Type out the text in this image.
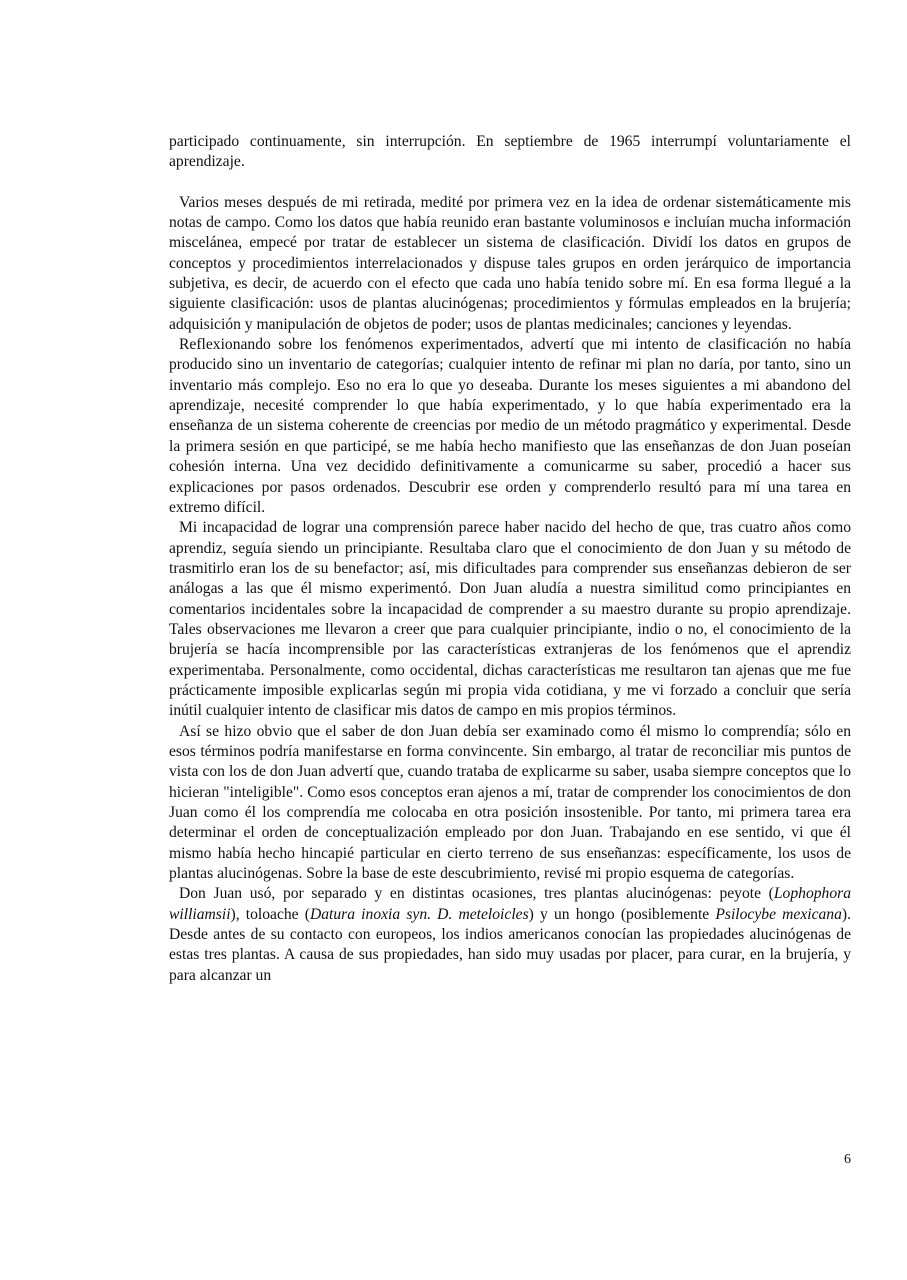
participado continuamente, sin interrupción. En septiembre de 1965 interrumpí voluntariamente el aprendizaje.

Varios meses después de mi retirada, medité por primera vez en la idea de ordenar sistemáticamente mis notas de campo. Como los datos que había reunido eran bastante voluminosos e incluían mucha información miscelánea, empecé por tratar de establecer un sistema de clasificación. Dividí los datos en grupos de conceptos y procedimientos interrelacionados y dispuse tales grupos en orden jerárquico de importancia subjetiva, es decir, de acuerdo con el efecto que cada uno había tenido sobre mí. En esa forma llegué a la siguiente clasificación: usos de plantas alucinógenas; procedimientos y fórmulas empleados en la brujería; adquisición y manipulación de objetos de poder; usos de plantas medicinales; canciones y leyendas.

Reflexionando sobre los fenómenos experimentados, advertí que mi intento de clasificación no había producido sino un inventario de categorías; cualquier intento de refinar mi plan no daría, por tanto, sino un inventario más complejo. Eso no era lo que yo deseaba. Durante los meses siguientes a mi abandono del aprendizaje, necesité comprender lo que había experimentado, y lo que había experimentado era la enseñanza de un sistema coherente de creencias por medio de un método pragmático y experimental. Desde la primera sesión en que participé, se me había hecho manifiesto que las enseñanzas de don Juan poseían cohesión interna. Una vez decidido definitivamente a comunicarme su saber, procedió a hacer sus explicaciones por pasos ordenados. Descubrir ese orden y comprenderlo resultó para mí una tarea en extremo difícil.

Mi incapacidad de lograr una comprensión parece haber nacido del hecho de que, tras cuatro años como aprendiz, seguía siendo un principiante. Resultaba claro que el conocimiento de don Juan y su método de trasmitirlo eran los de su benefactor; así, mis dificultades para comprender sus enseñanzas debieron de ser análogas a las que él mismo experimentó. Don Juan aludía a nuestra similitud como principiantes en comentarios incidentales sobre la incapacidad de comprender a su maestro durante su propio aprendizaje. Tales observaciones me llevaron a creer que para cualquier principiante, indio o no, el conocimiento de la brujería se hacía incomprensible por las características extranjeras de los fenómenos que el aprendiz experimentaba. Personalmente, como occidental, dichas características me resultaron tan ajenas que me fue prácticamente imposible explicarlas según mi propia vida cotidiana, y me vi forzado a concluir que sería inútil cualquier intento de clasificar mis datos de campo en mis propios términos.

Así se hizo obvio que el saber de don Juan debía ser examinado como él mismo lo comprendía; sólo en esos términos podría manifestarse en forma convincente. Sin embargo, al tratar de reconciliar mis puntos de vista con los de don Juan advertí que, cuando trataba de explicarme su saber, usaba siempre conceptos que lo hicieran "inteligible". Como esos conceptos eran ajenos a mí, tratar de comprender los conocimientos de don Juan como él los comprendía me colocaba en otra posición insostenible. Por tanto, mi primera tarea era determinar el orden de conceptualización empleado por don Juan. Trabajando en ese sentido, vi que él mismo había hecho hincapié particular en cierto terreno de sus enseñanzas: específicamente, los usos de plantas alucinógenas. Sobre la base de este descubrimiento, revisé mi propio esquema de categorías.

Don Juan usó, por separado y en distintas ocasiones, tres plantas alucinógenas: peyote (Lophophora williamsii), toloache (Datura inoxia syn. D. meteloicles) y un hongo (posiblemente Psilocybe mexicana). Desde antes de su contacto con europeos, los indios americanos conocían las propiedades alucinógenas de estas tres plantas. A causa de sus propiedades, han sido muy usadas por placer, para curar, en la brujería, y para alcanzar un

6
